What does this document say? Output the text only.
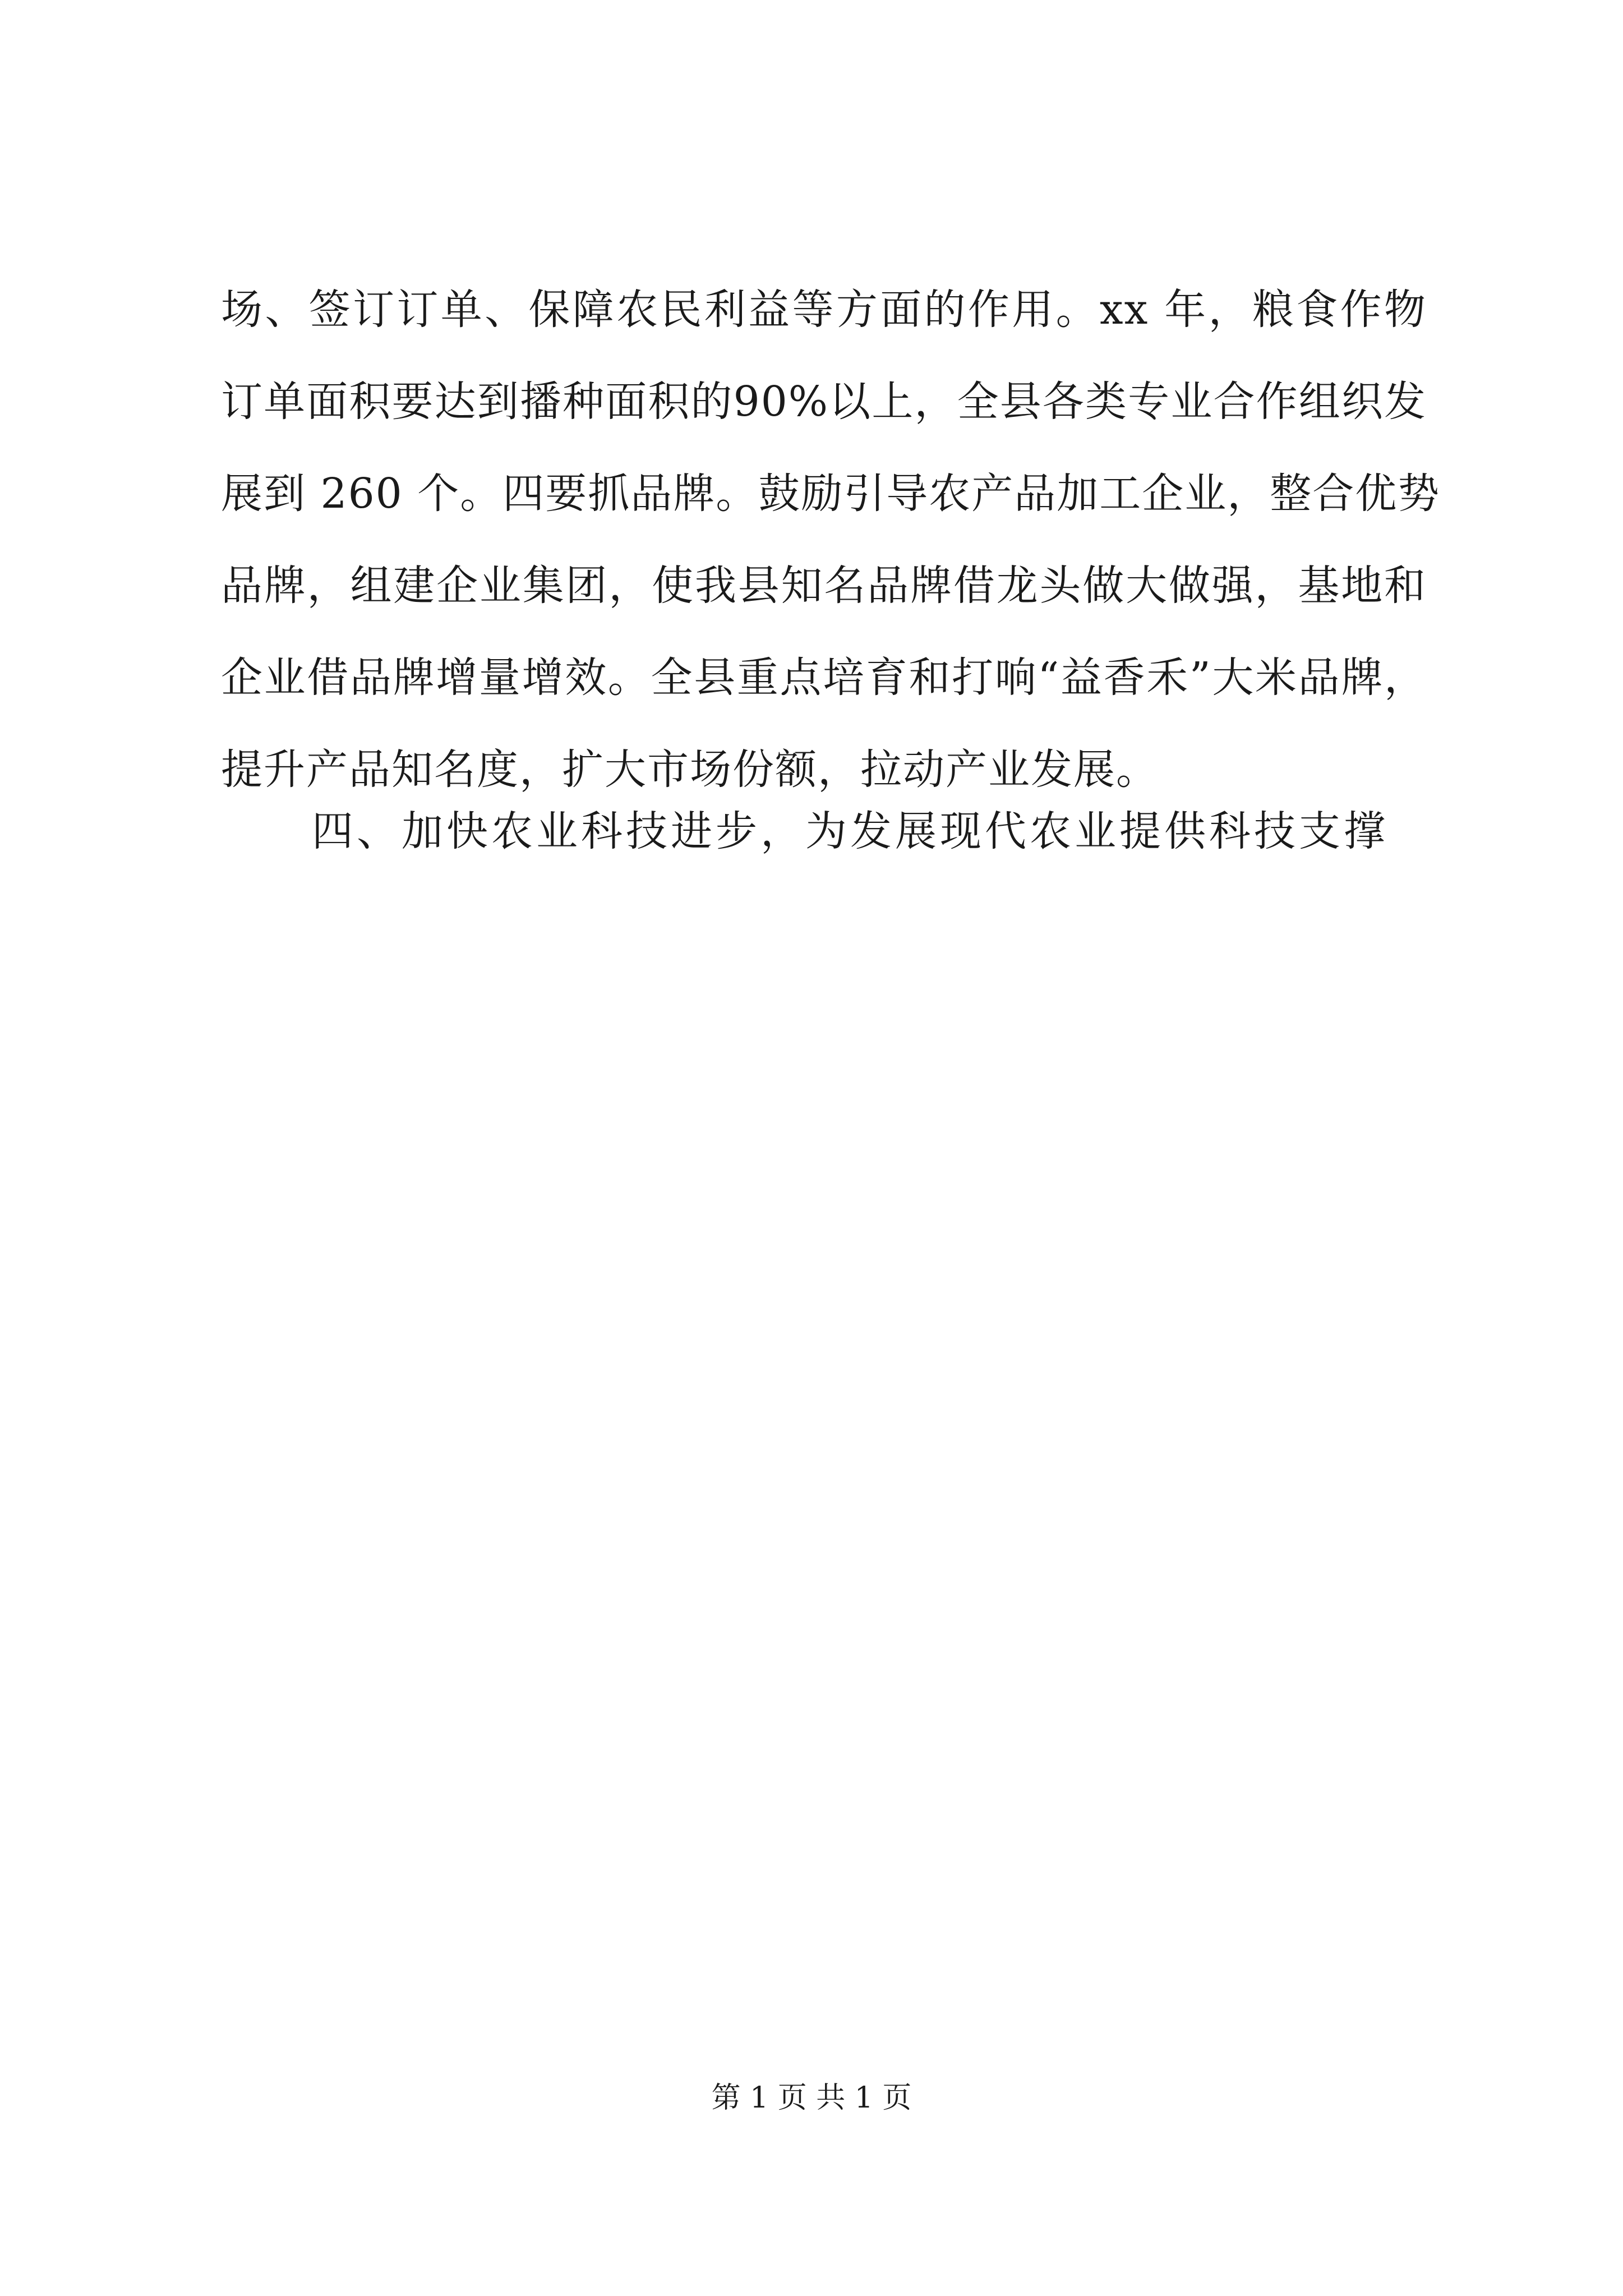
场、签订订单、保障农民利益等方面的作用。xx 年，粮食作物
订单面积要达到播种面积的90%以上，全县各类专业合作组织发
展到 260 个。四要抓品牌。鼓励引导农产品加工企业，整合优势
品牌，组建企业集团，使我县知名品牌借龙头做大做强，基地和
企业借品牌增量增效。全县重点培育和打响“益香禾”大米品牌，
提升产品知名度，扩大市场份额，拉动产业发展。
四、加快农业科技进步，为发展现代农业提供科技支撑
第 1 页 共 1 页
